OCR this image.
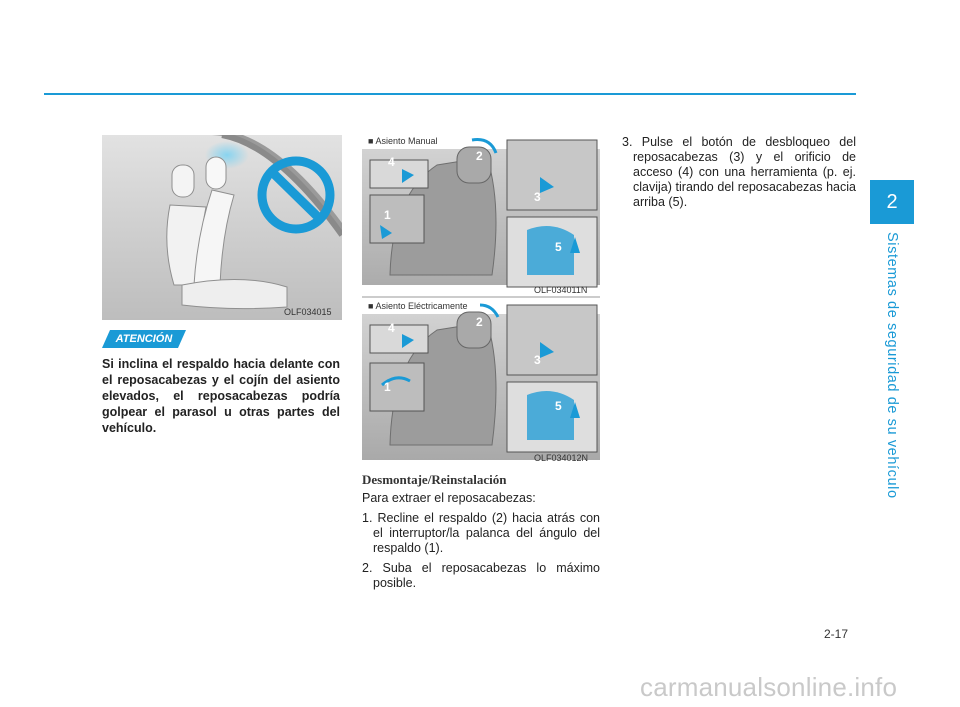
2
Sistemas de seguridad de su vehículo
OLF034015
ATENCIÓN
Si inclina el respaldo hacia delante con el reposacabezas y el cojín del asiento elevados, el reposacabezas podría golpear el parasol u otras partes del vehículo.
■ Asiento Manual
OLF034011N
■ Asiento Eléctricamente
OLF034012N
4	2
1
3
5
4	2
1
3
5
Desmontaje/Reinstalación

Para extraer el reposacabezas:

1. Recline el respaldo (2) hacia atrás con el interruptor/la palanca del ángulo del respaldo (1).

2. Suba el reposacabezas lo máximo posible.

3. Pulse el botón de desbloqueo del reposacabezas (3) y el orificio de acceso (4) con una herramienta (p. ej. clavija) tirando del reposacabezas hacia arriba (5).

2-17
carmanualsonline.info
